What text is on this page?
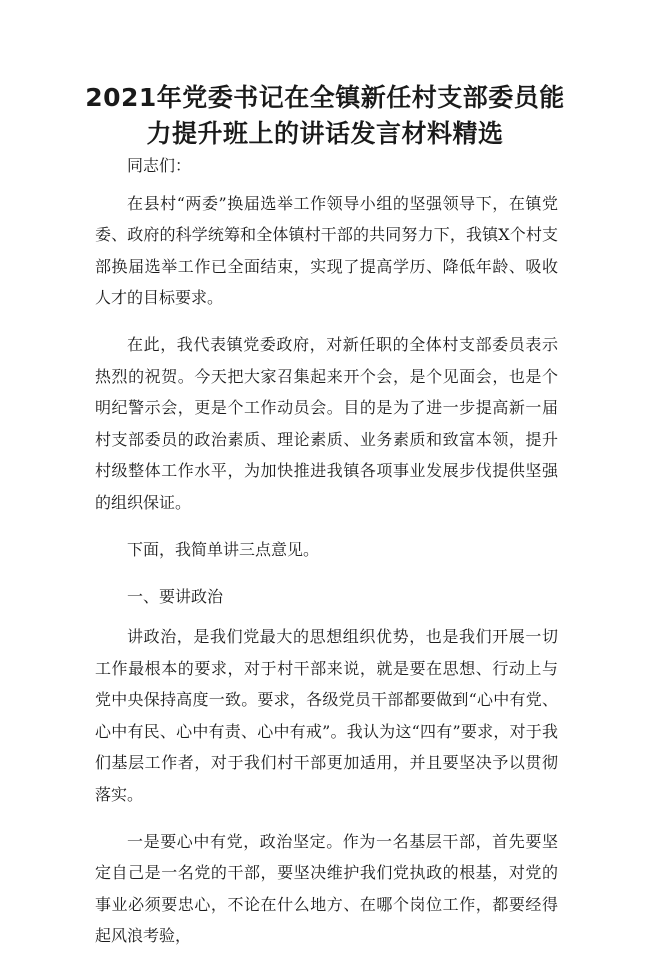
2021年党委书记在全镇新任村支部委员能力提升班上的讲话发言材料精选

同志们：

在县村“两委”换届选举工作领导小组的坚强领导下，在镇党委、政府的科学统筹和全体镇村干部的共同努力下，我镇X个村支部换届选举工作已全面结束，实现了提高学历、降低年龄、吸收人才的目标要求。

在此，我代表镇党委政府，对新任职的全体村支部委员表示热烈的祝贺。今天把大家召集起来开个会，是个见面会，也是个明纪警示会，更是个工作动员会。目的是为了进一步提高新一届村支部委员的政治素质、理论素质、业务素质和致富本领，提升村级整体工作水平，为加快推进我镇各项事业发展步伐提供坚强的组织保证。

下面，我简单讲三点意见。

一、要讲政治

讲政治，是我们党最大的思想组织优势，也是我们开展一切工作最根本的要求，对于村干部来说，就是要在思想、行动上与党中央保持高度一致。要求，各级党员干部都要做到“心中有党、心中有民、心中有责、心中有戒”。我认为这“四有”要求，对于我们基层工作者，对于我们村干部更加适用，并且要坚决予以贯彻落实。

一是要心中有党，政治坚定。作为一名基层干部，首先要坚定自己是一名党的干部，要坚决维护我们党执政的根基，对党的事业必须要忠心，不论在什么地方、在哪个岗位工作，都要经得起风浪考验，
